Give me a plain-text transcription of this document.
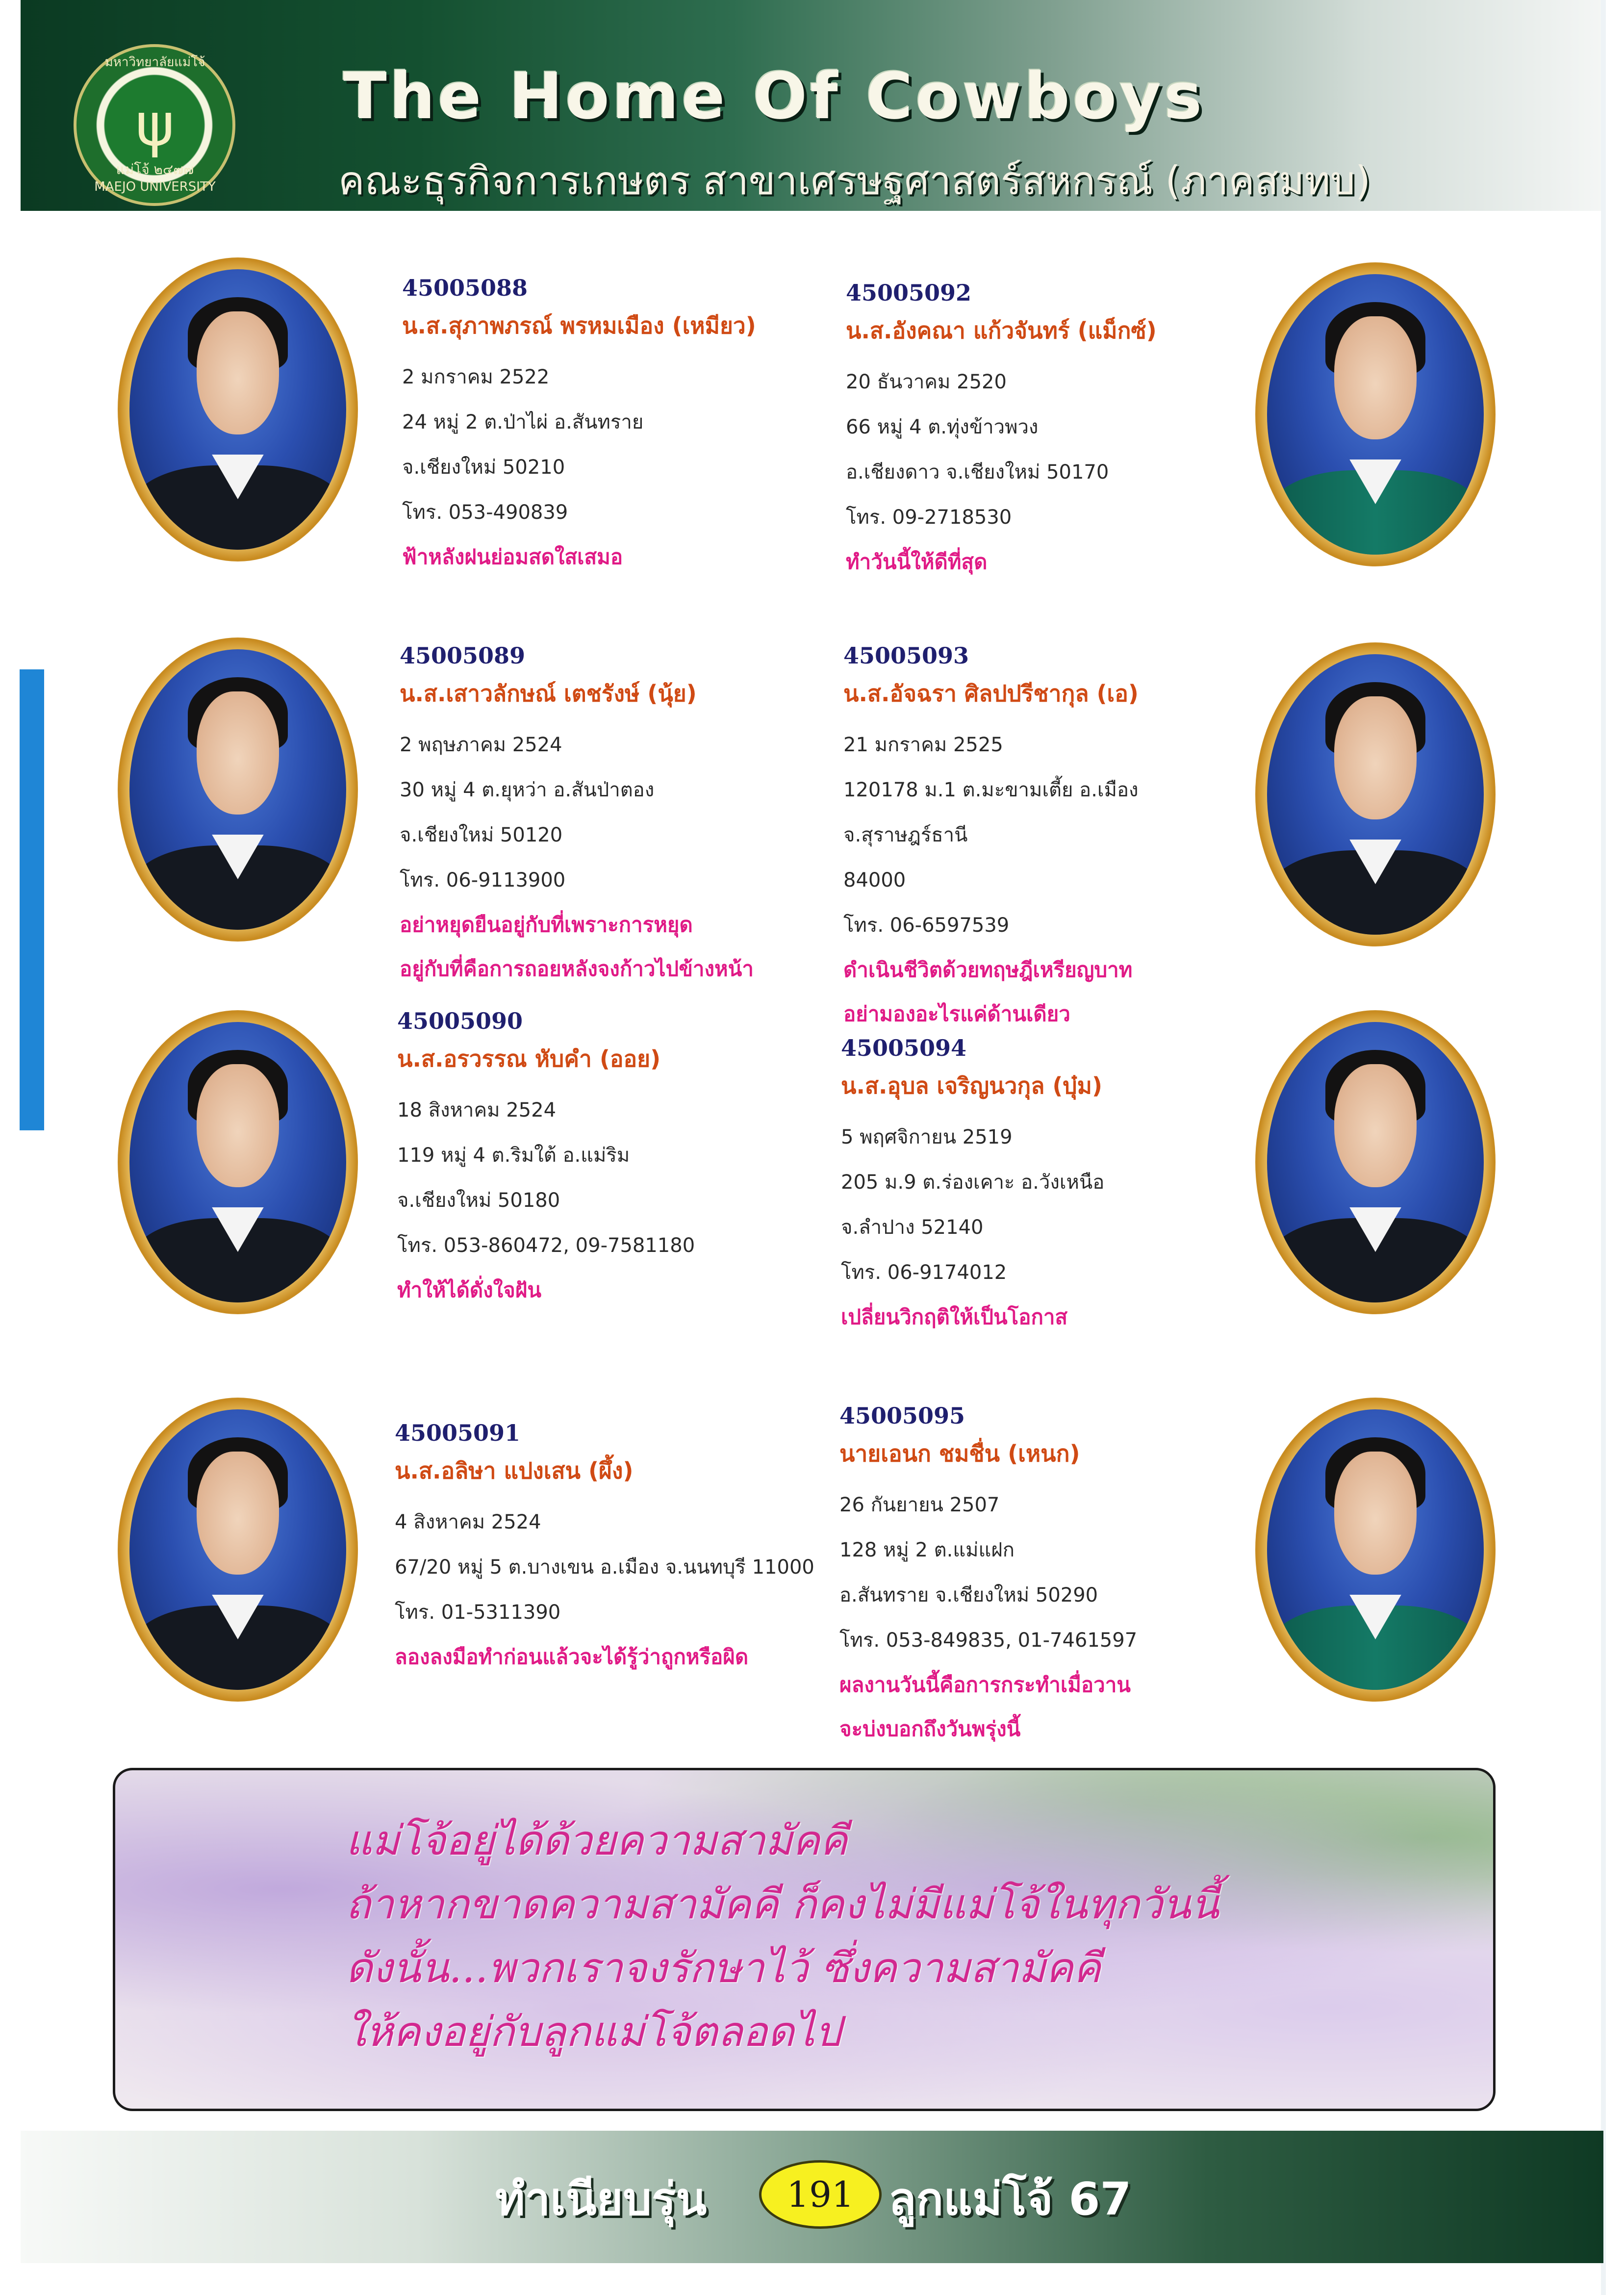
มหาวิทยาลัยแม่โจ้
ψ
แม่โจ้ ๒๔๗๗
MAEJO UNIVERSITY
The Home Of Cowboys
คณะธุรกิจการเกษตร สาขาเศรษฐศาสตร์สหกรณ์ (ภาคสมทบ)
45005088
น.ส.สุภาพภรณ์ พรหมเมือง (เหมียว)
2 มกราคม 2522
24 หมู่ 2 ต.ป่าไผ่ อ.สันทราย
จ.เชียงใหม่ 50210
โทร. 053-490839
ฟ้าหลังฝนย่อมสดใสเสมอ
45005092
น.ส.อังคณา แก้วจันทร์ (แม็กซ์)
20 ธันวาคม 2520
66 หมู่ 4 ต.ทุ่งข้าวพวง
อ.เชียงดาว จ.เชียงใหม่ 50170
โทร. 09-2718530
ทำวันนี้ให้ดีที่สุด
45005089
น.ส.เสาวลักษณ์ เตชรังษ์ (นุ้ย)
2 พฤษภาคม 2524
30 หมู่ 4 ต.ยุหว่า อ.สันป่าตอง
จ.เชียงใหม่ 50120
โทร. 06-9113900
อย่าหยุดยืนอยู่กับที่เพราะการหยุด
อยู่กับที่คือการถอยหลังจงก้าวไปข้างหน้า
45005093
น.ส.อัจฉรา ศิลปปรีชากุล (เอ)
21 มกราคม 2525
120178 ม.1 ต.มะขามเตี้ย อ.เมือง
จ.สุราษฎร์ธานี
84000
โทร. 06-6597539
ดำเนินชีวิตด้วยทฤษฎีเหรียญบาท
อย่ามองอะไรแค่ด้านเดียว
45005090
น.ส.อรวรรณ หับคำ (ออย)
18 สิงหาคม 2524
119 หมู่ 4 ต.ริมใต้ อ.แม่ริม
จ.เชียงใหม่ 50180
โทร. 053-860472, 09-7581180
ทำให้ได้ดั่งใจฝัน
45005094
น.ส.อุบล เจริญนวกุล (บุ๋ม)
5 พฤศจิกายน 2519
205 ม.9 ต.ร่องเคาะ อ.วังเหนือ
จ.ลำปาง 52140
โทร. 06-9174012
เปลี่ยนวิกฤติให้เป็นโอกาส
45005091
น.ส.อลิษา แปงเสน (ผึ้ง)
4 สิงหาคม 2524
67/20 หมู่ 5 ต.บางเขน อ.เมือง จ.นนทบุรี 11000
โทร. 01-5311390
ลองลงมือทำก่อนแล้วจะได้รู้ว่าถูกหรือผิด
45005095
นายเอนก ชมชื่น (เหนก)
26 กันยายน 2507
128 หมู่ 2 ต.แม่แฝก
อ.สันทราย จ.เชียงใหม่ 50290
โทร. 053-849835, 01-7461597
ผลงานวันนี้คือการกระทำเมื่อวาน
จะบ่งบอกถึงวันพรุ่งนี้
แม่โจ้อยู่ได้ด้วยความสามัคคี
ถ้าหากขาดความสามัคคี ก็คงไม่มีแม่โจ้ในทุกวันนี้
ดังนั้น...พวกเราจงรักษาไว้ ซึ่งความสามัคคี
ให้คงอยู่กับลูกแม่โจ้ตลอดไป
ทำเนียบรุ่น	191 ลูกแม่โจ้ 67
